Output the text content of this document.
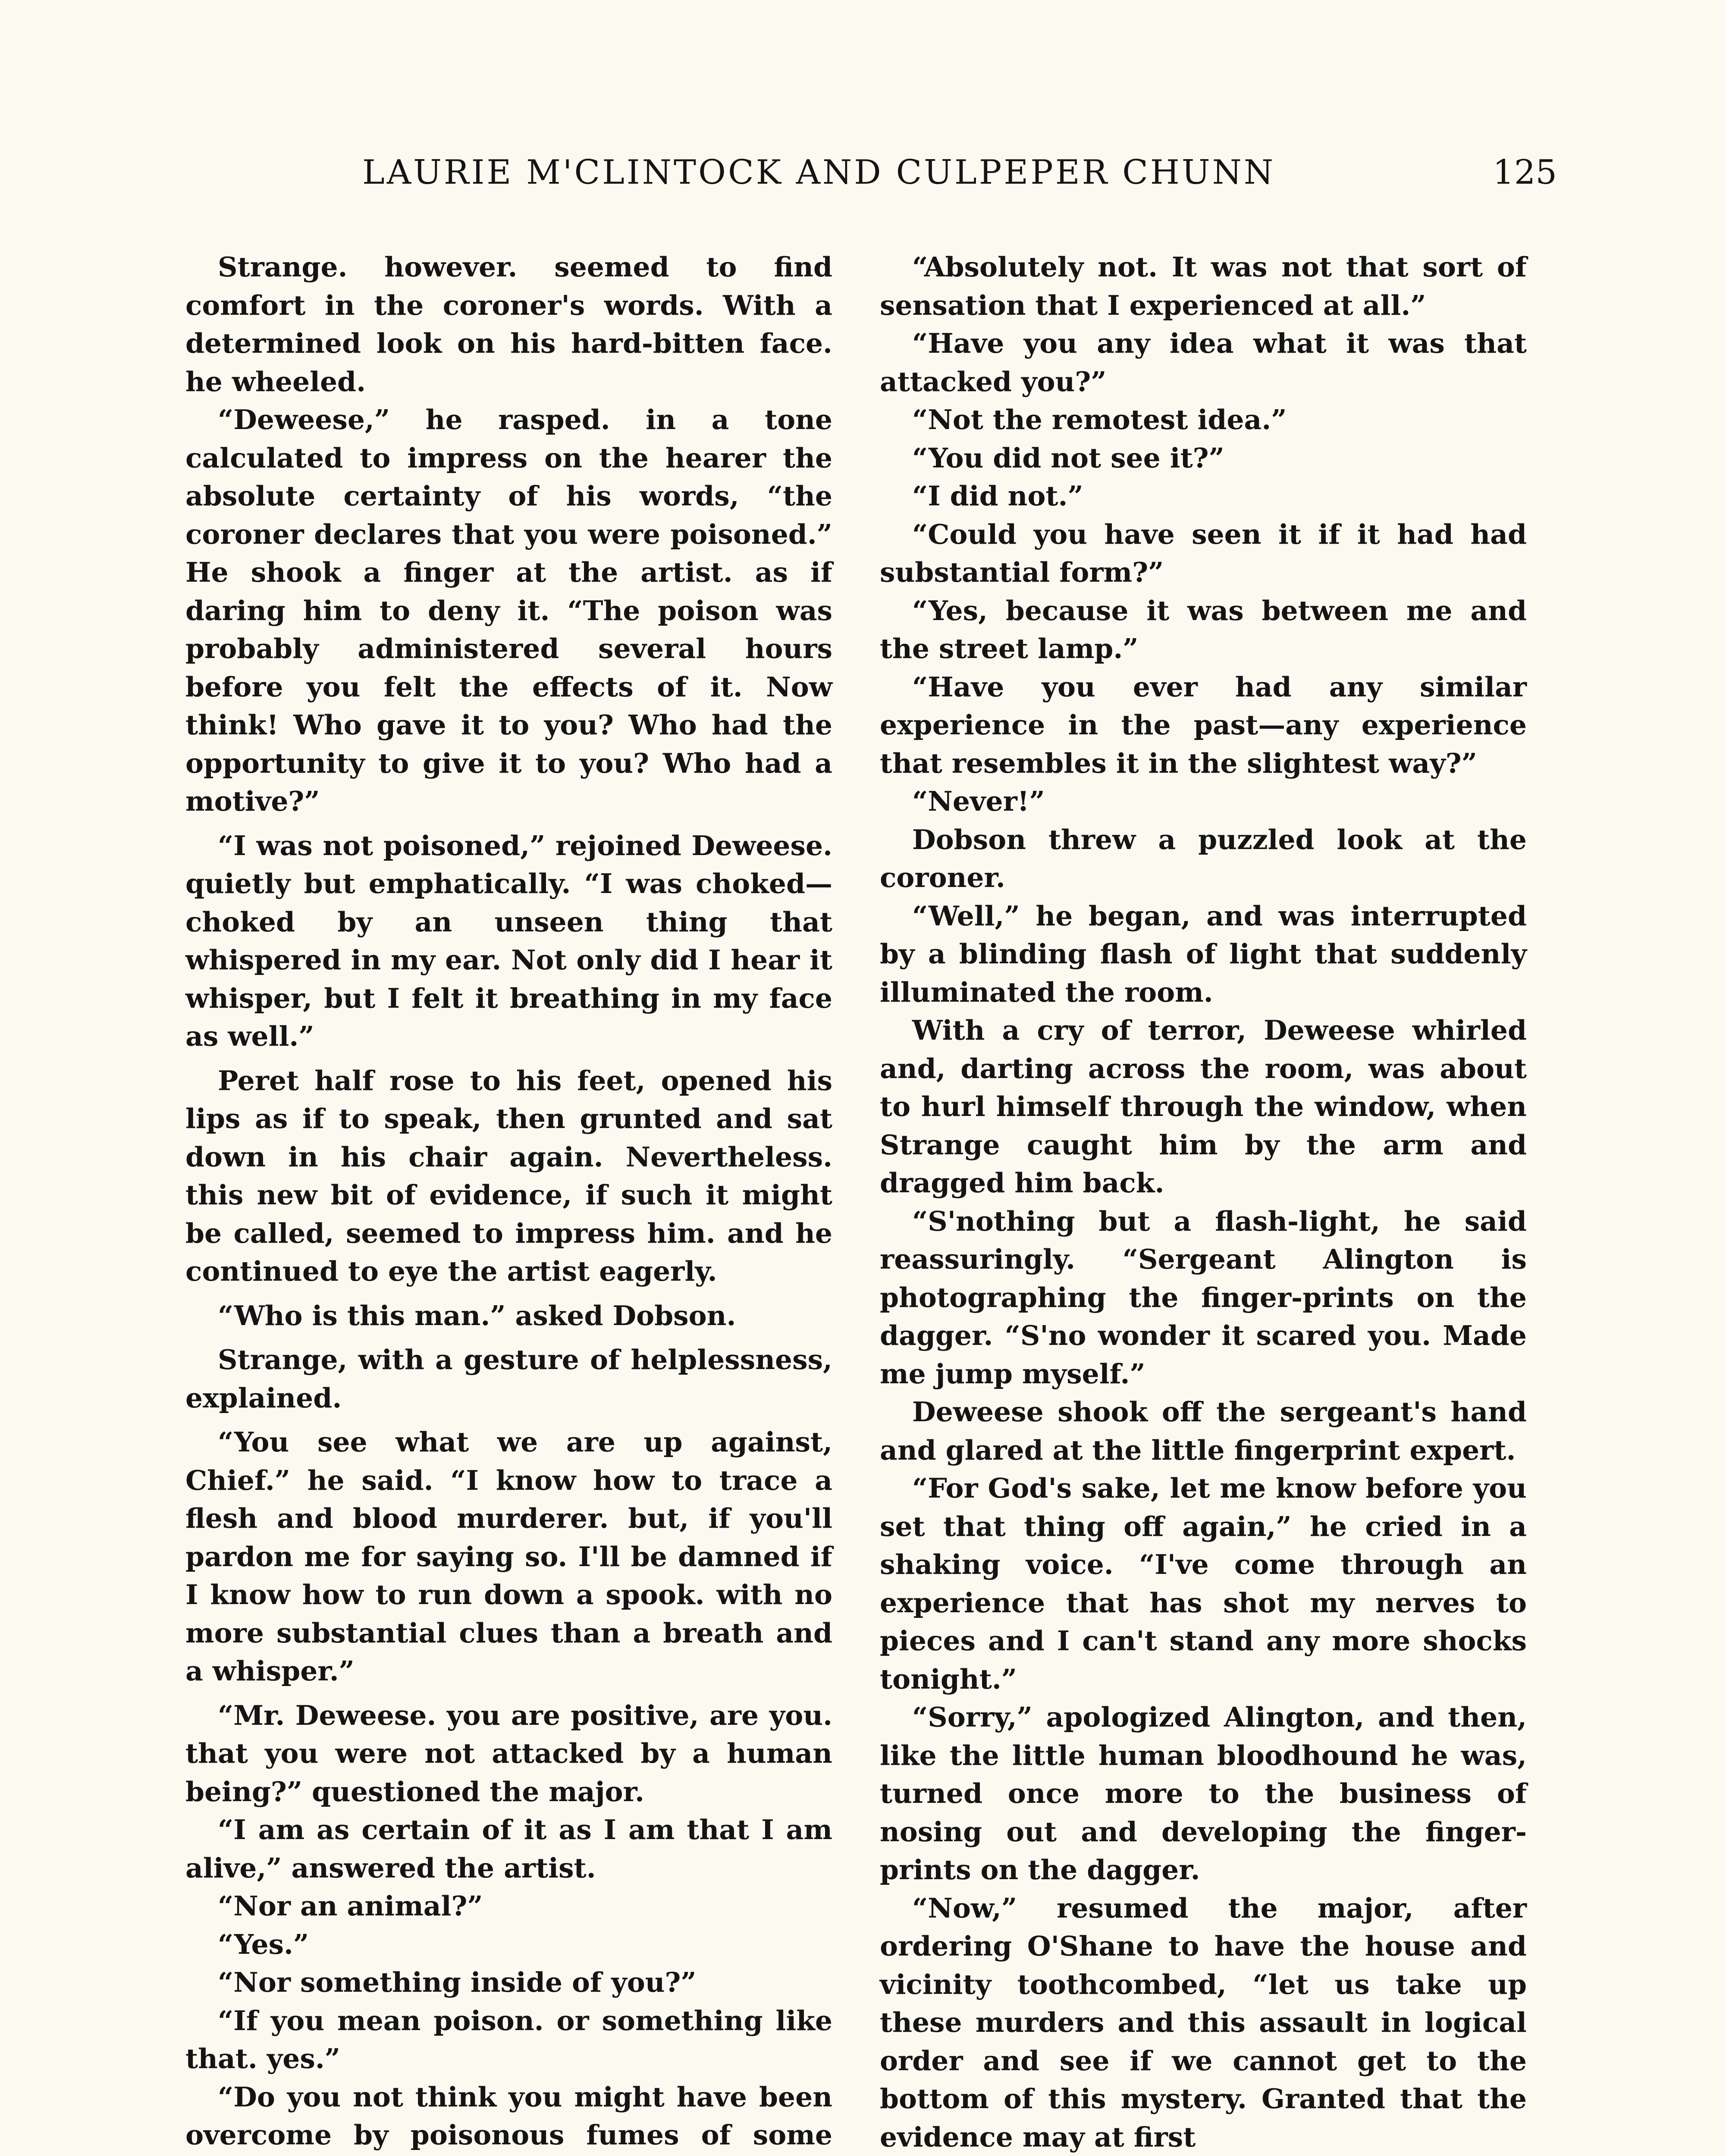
LAURIE M'CLINTOCK AND CULPEPER CHUNN	125

Strange. however. seemed to find comfort in the coroner's words. With a determined look on his hard-bitten face. he wheeled.

“Deweese,” he rasped. in a tone calculated to impress on the hearer the absolute certainty of his words, “the coroner declares that you were poisoned.” He shook a finger at the artist. as if daring him to deny it. “The poison was probably administered several hours before you felt the effects of it. Now think! Who gave it to you? Who had the opportunity to give it to you? Who had a motive?”

“I was not poisoned,” rejoined Deweese. quietly but emphatically. “I was choked—choked by an unseen thing that whispered in my ear. Not only did I hear it whisper, but I felt it breathing in my face as well.”

Peret half rose to his feet, opened his lips as if to speak, then grunted and sat down in his chair again. Nevertheless. this new bit of evidence, if such it might be called, seemed to impress him. and he continued to eye the artist eagerly.

“Who is this man.” asked Dobson.

Strange, with a gesture of helplessness, explained.

“You see what we are up against, Chief.” he said. “I know how to trace a flesh and blood murderer. but, if you'll pardon me for saying so. I'll be damned if I know how to run down a spook. with no more substantial clues than a breath and a whisper.”

“Mr. Deweese. you are positive, are you. that you were not attacked by a human being?” questioned the major.

“I am as certain of it as I am that I am alive,” answered the artist.

“Nor an animal?”

“Yes.”

“Nor something inside of you?”

“If you mean poison. or something like that. yes.”

“Do you not think you might have been overcome by poisonous fumes of some

“Absolutely not. It was not that sort of sensation that I experienced at all.”

“Have you any idea what it was that attacked you?”

“Not the remotest idea.”

“You did not see it?”

“I did not.”

“Could you have seen it if it had had substantial form?”

“Yes, because it was between me and the street lamp.”

“Have you ever had any similar experience in the past—any experience that resembles it in the slightest way?”

“Never!”

Dobson threw a puzzled look at the coroner.

“Well,” he began, and was interrupted by a blinding flash of light that suddenly illuminated the room.

With a cry of terror, Deweese whirled and, darting across the room, was about to hurl himself through the window, when Strange caught him by the arm and dragged him back.

“S'nothing but a flash-light, he said reassuringly. “Sergeant Alington is photographing the finger-prints on the dagger. “S'no wonder it scared you. Made me jump myself.”

Deweese shook off the sergeant's hand and glared at the little fingerprint expert.

“For God's sake, let me know before you set that thing off again,” he cried in a shaking voice. “I've come through an experience that has shot my nerves to pieces and I can't stand any more shocks tonight.”

“Sorry,” apologized Alington, and then, like the little human bloodhound he was, turned once more to the business of nosing out and developing the finger-prints on the dagger.

“Now,” resumed the major, after ordering O'Shane to have the house and vicinity toothcombed, “let us take up these murders and this assault in logical order and see if we cannot get to the bottom of this mystery. Granted that the evidence may at first
